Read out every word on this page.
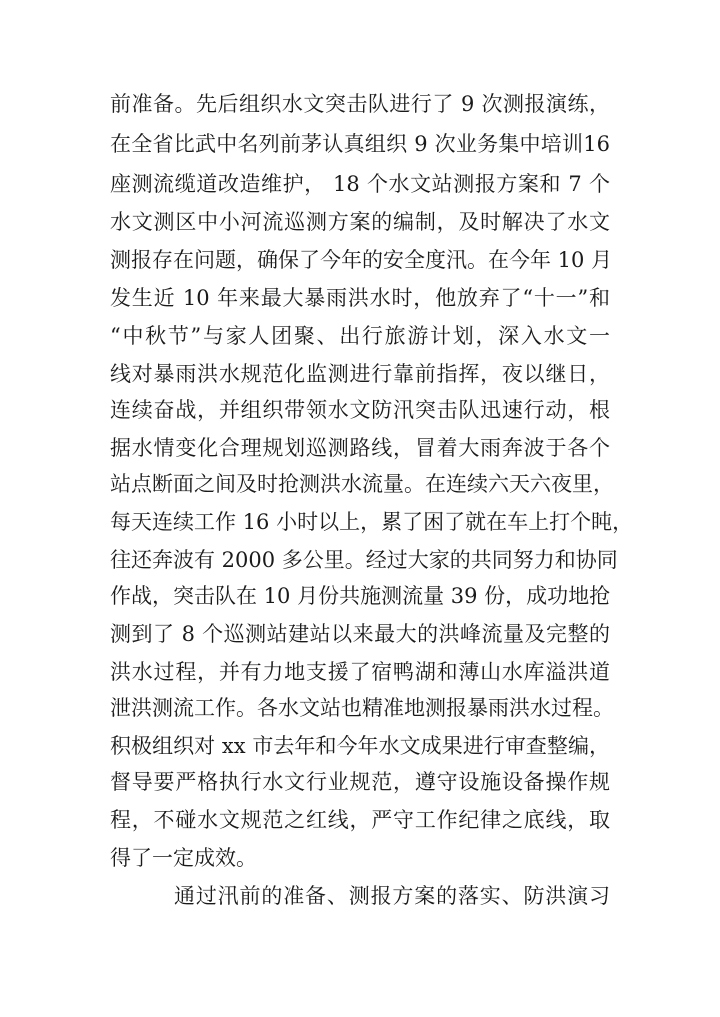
前准备。先后组织水文突击队进行了 9 次测报演练，
在全省比武中名列前茅认真组织 9 次业务集中培训16
座测流缆道改造维护， 18 个水文站测报方案和 7 个
水文测区中小河流巡测方案的编制，及时解决了水文
测报存在问题，确保了今年的安全度汛。在今年 10 月
发生近 10 年来最大暴雨洪水时，他放弃了“十一”和
“中秋节”与家人团聚、出行旅游计划，深入水文一
线对暴雨洪水规范化监测进行靠前指挥，夜以继日，
连续奋战，并组织带领水文防汛突击队迅速行动，根
据水情变化合理规划巡测路线，冒着大雨奔波于各个
站点断面之间及时抢测洪水流量。在连续六天六夜里，
每天连续工作 16 小时以上，累了困了就在车上打个盹，
往还奔波有 2000 多公里。经过大家的共同努力和协同
作战，突击队在 10 月份共施测流量 39 份，成功地抢
测到了 8 个巡测站建站以来最大的洪峰流量及完整的
洪水过程，并有力地支援了宿鸭湖和薄山水库溢洪道
泄洪测流工作。各水文站也精准地测报暴雨洪水过程。
积极组织对 xx 市去年和今年水文成果进行审查整编，
督导要严格执行水文行业规范，遵守设施设备操作规
程，不碰水文规范之红线，严守工作纪律之底线，取
得了一定成效。
通过汛前的准备、测报方案的落实、防洪演习
